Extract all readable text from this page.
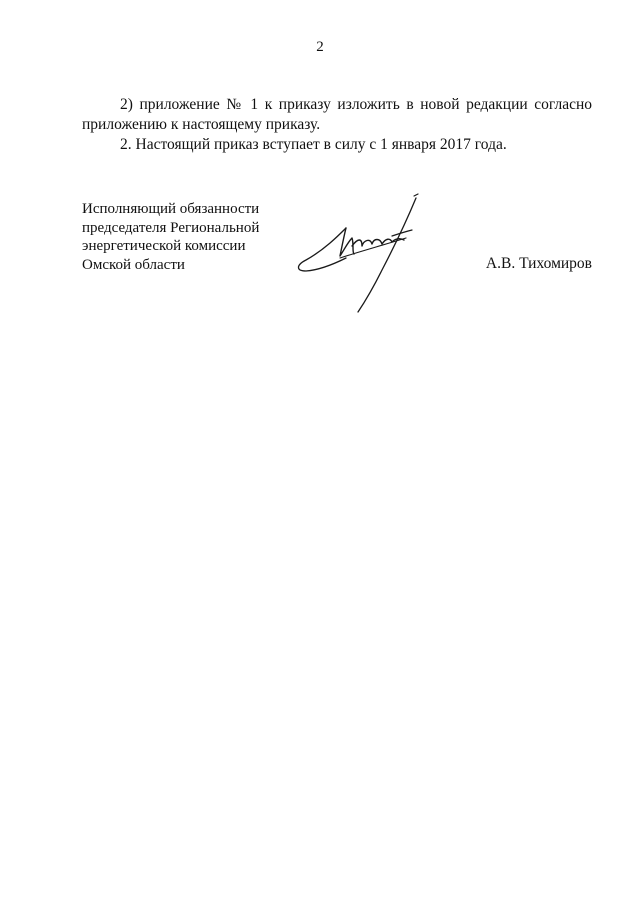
2

2) приложение № 1 к приказу изложить в новой редакции согласно
приложению к настоящему приказу.

2. Настоящий приказ вступает в силу с 1 января 2017 года.

Исполняющий обязанности
председателя Региональной
энергетической комиссии
Омской области	А.В. Тихомиров
